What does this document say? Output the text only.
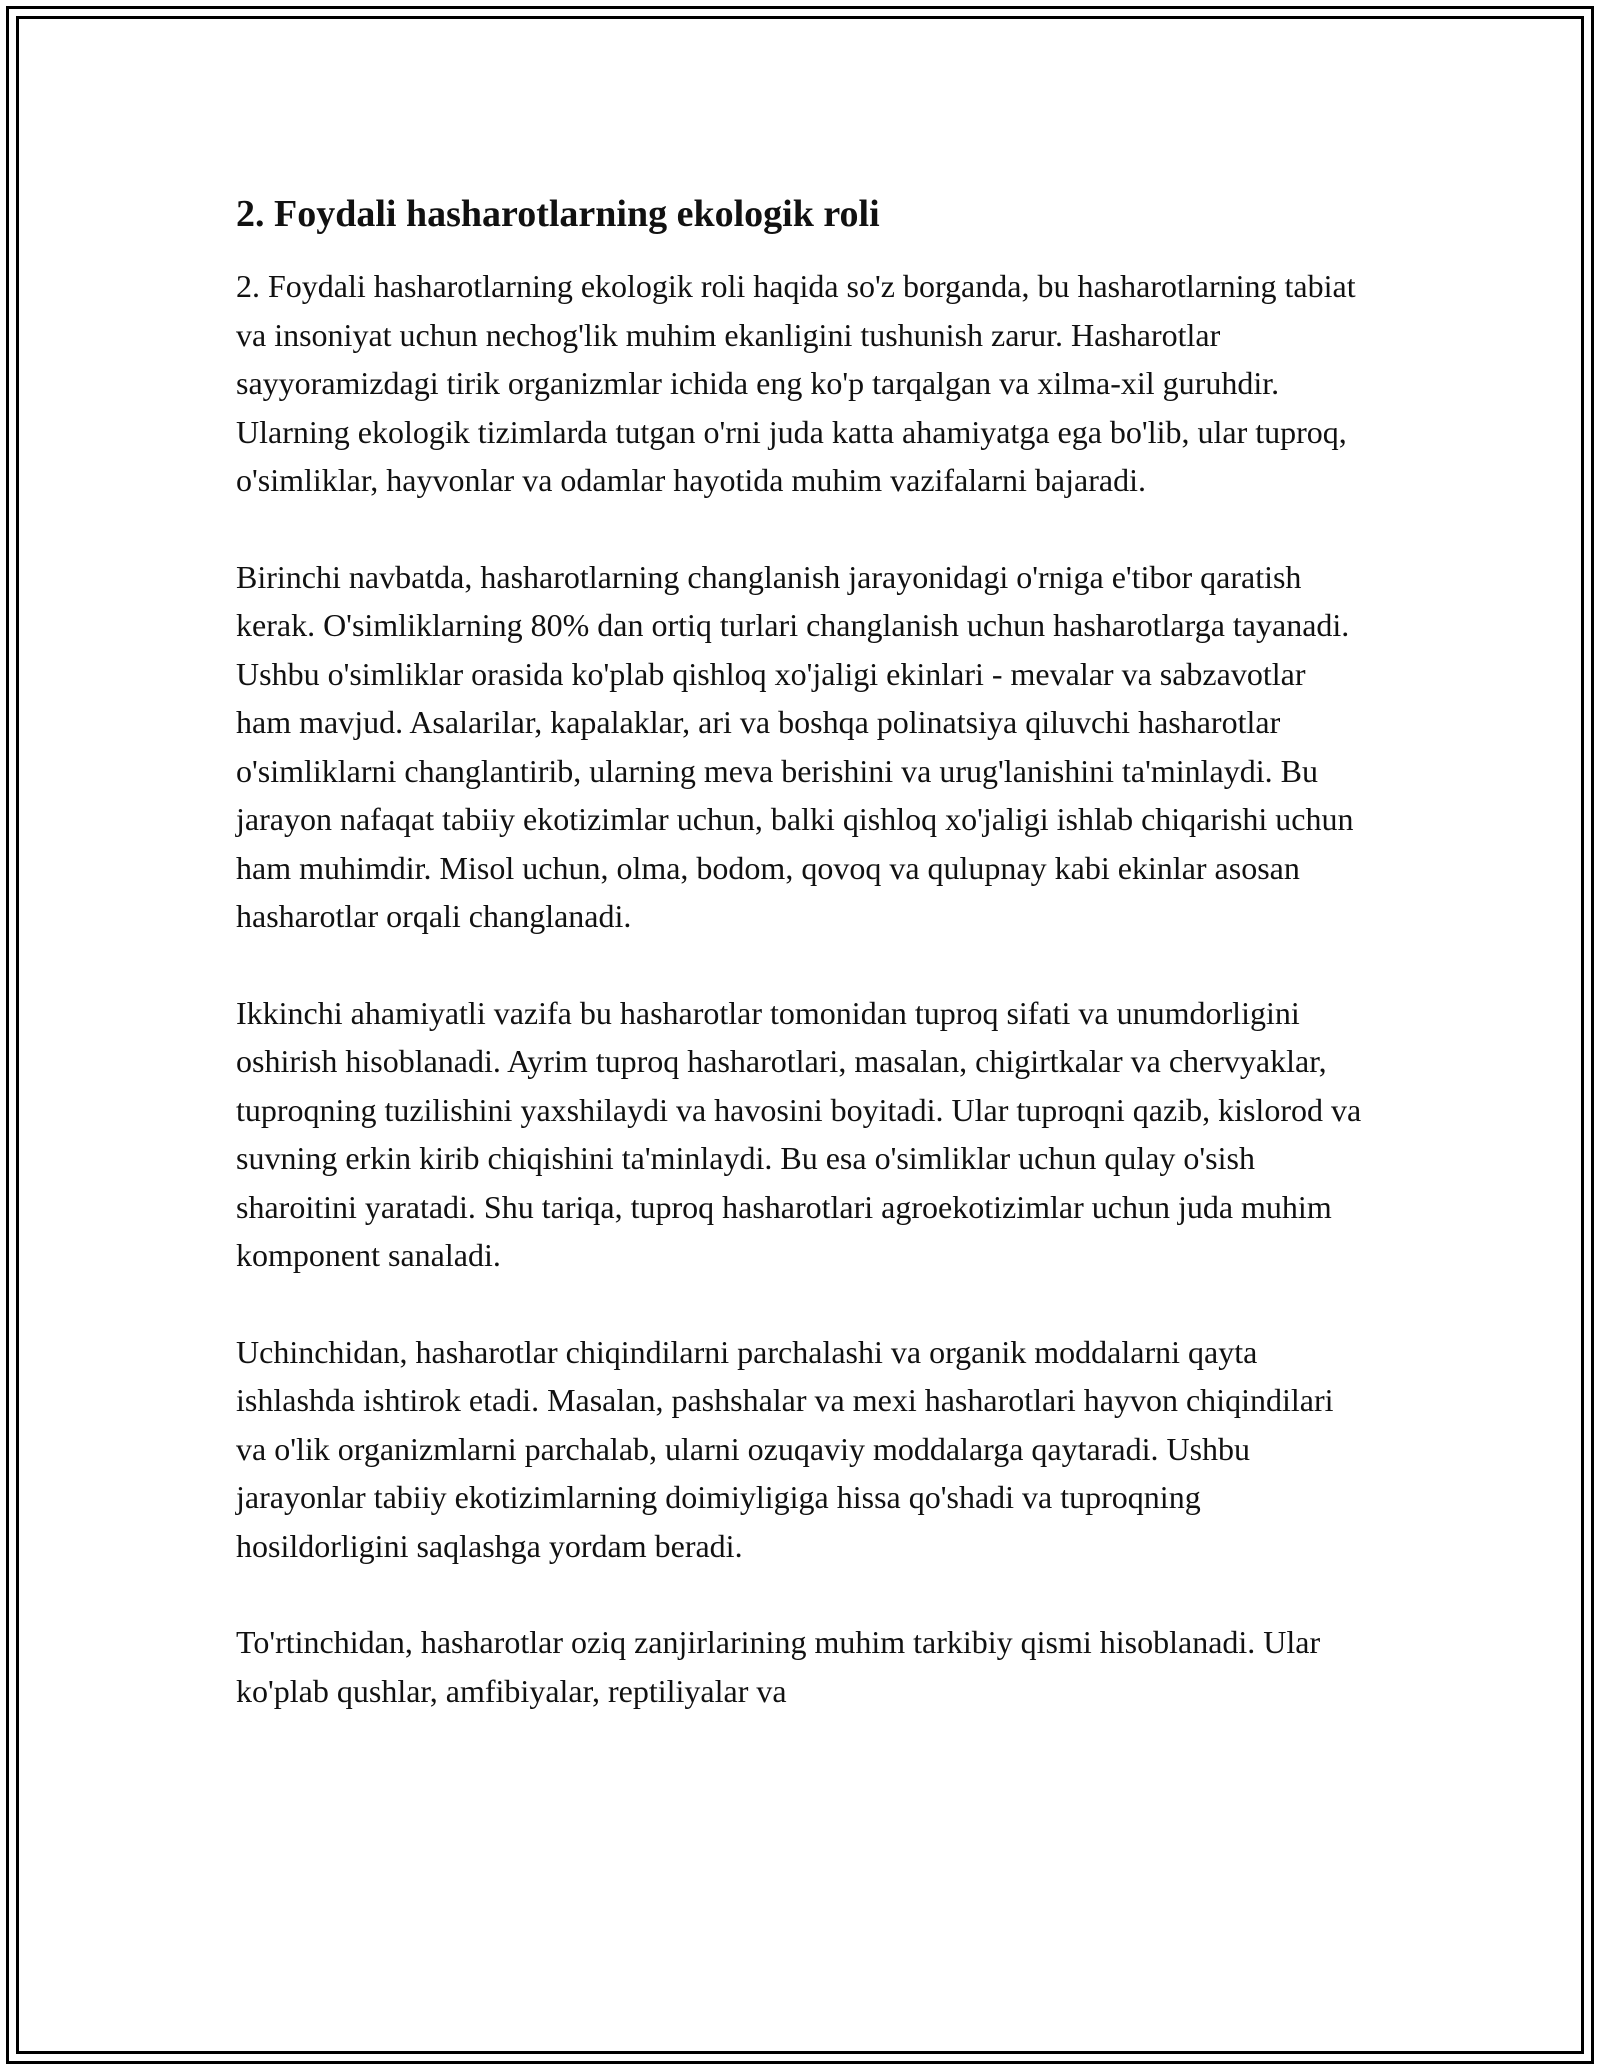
2. Foydali hasharotlarning ekologik roli

2. Foydali hasharotlarning ekologik roli haqida so'z borganda, bu hasharotlarning tabiat va insoniyat uchun nechog'lik muhim ekanligini tushunish zarur. Hasharotlar sayyoramizdagi tirik organizmlar ichida eng ko'p tarqalgan va xilma-xil guruhdir. Ularning ekologik tizimlarda tutgan o'rni juda katta ahamiyatga ega bo'lib, ular tuproq, o'simliklar, hayvonlar va odamlar hayotida muhim vazifalarni bajaradi.

Birinchi navbatda, hasharotlarning changlanish jarayonidagi o'rniga e'tibor qaratish kerak. O'simliklarning 80% dan ortiq turlari changlanish uchun hasharotlarga tayanadi. Ushbu o'simliklar orasida ko'plab qishloq xo'jaligi ekinlari - mevalar va sabzavotlar ham mavjud. Asalarilar, kapalaklar, ari va boshqa polinatsiya qiluvchi hasharotlar o'simliklarni changlantirib, ularning meva berishini va urug'lanishini ta'minlaydi. Bu jarayon nafaqat tabiiy ekotizimlar uchun, balki qishloq xo'jaligi ishlab chiqarishi uchun ham muhimdir. Misol uchun, olma, bodom, qovoq va qulupnay kabi ekinlar asosan hasharotlar orqali changlanadi.

Ikkinchi ahamiyatli vazifa bu hasharotlar tomonidan tuproq sifati va unumdorligini oshirish hisoblanadi. Ayrim tuproq hasharotlari, masalan, chigirtkalar va chervyaklar, tuproqning tuzilishini yaxshilaydi va havosini boyitadi. Ular tuproqni qazib, kislorod va suvning erkin kirib chiqishini ta'minlaydi. Bu esa o'simliklar uchun qulay o'sish sharoitini yaratadi. Shu tariqa, tuproq hasharotlari agroekotizimlar uchun juda muhim komponent sanaladi.

Uchinchidan, hasharotlar chiqindilarni parchalashi va organik moddalarni qayta ishlashda ishtirok etadi. Masalan, pashshalar va mexi hasharotlari hayvon chiqindilari va o'lik organizmlarni parchalab, ularni ozuqaviy moddalarga qaytaradi. Ushbu jarayonlar tabiiy ekotizimlarning doimiyligiga hissa qo'shadi va tuproqning hosildorligini saqlashga yordam beradi.

To'rtinchidan, hasharotlar oziq zanjirlarining muhim tarkibiy qismi hisoblanadi. Ular ko'plab qushlar, amfibiyalar, reptiliyalar va
